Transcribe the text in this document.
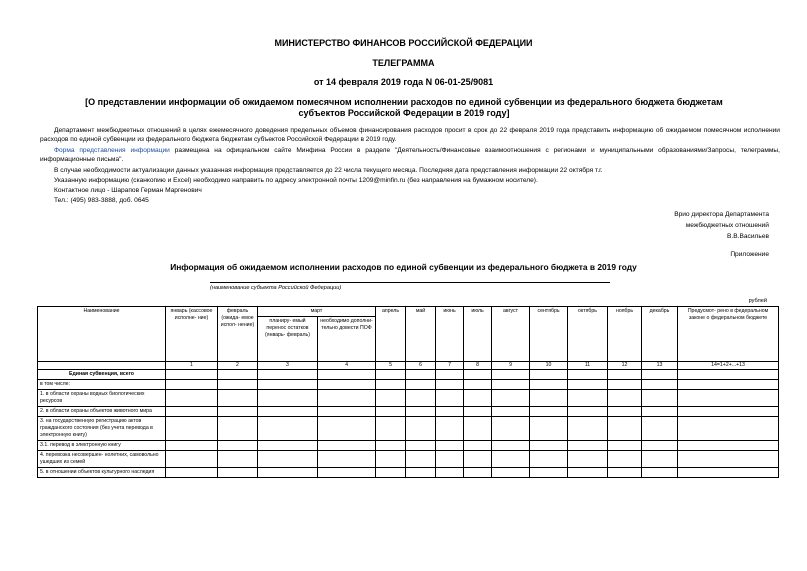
МИНИСТЕРСТВО ФИНАНСОВ РОССИЙСКОЙ ФЕДЕРАЦИИ
ТЕЛЕГРАММА
от 14 февраля 2019 года N 06-01-25/9081
[О представлении информации об ожидаемом помесячном исполнении расходов по единой субвенции из федерального бюджета бюджетам субъектов Российской Федерации в 2019 году]
Департамент межбюджетных отношений в целях ежемесячного доведения предельных объемов финансирования расходов просит в срок до 22 февраля 2019 года представить информацию об ожидаемом помесячном исполнении расходов по единой субвенции из федерального бюджета бюджетам субъектов Российской Федерации в 2019 году.
Форма представления информации размещена на официальном сайте Минфина России в разделе "Деятельность/Финансовые взаимоотношения с регионами и муниципальными образованиями/Запросы, телеграммы, информационные письма".
В случае необходимости актуализации данных указанная информация представляется до 22 числа текущего месяца. Последняя дата представления информации 22 октября т.г.
Указанную информацию (сканкопию и Excel) необходимо направить по адресу электронной почты 1209@minfin.ru (без направления на бумажном носителе).
Контактное лицо - Шарапов Герман Маргенович
Тел.: (495) 983-3888, доб. 0645
Врио директора Департамента
межбюджетных отношений
В.В.Васильев
Приложение
Информация об ожидаемом исполнении расходов по единой субвенции из федерального бюджета в 2019 году
(наименование субъекта Российской Федерации)
рублей
Наименование	январь (кассовое исполне- ние)	февраль (ожида- емое испол- нение)	март		апрель	май	июнь	июль	август	сентябрь	октябрь	ноябрь	декабрь	Предусмот- рено в федеральном законе о федеральном бюджете
			планиру- емый перенос остатков (январь- февраль)	необходимо дополни- тельно довести ПОФ										
	1	2	3	4	5	6	7	8	9	10	11	12	13	14=1+2+...+13
Единая субвенция, всего														
в том числе:														
1. в области охраны водных биологических ресурсов														
2. в области охраны объектов животного мира														
3. на государственную регистрацию актов гражданского состояния (без учета перевода в электронную книгу)														
3.1. перевод в электронную книгу														
4. перевозка несовершен- нолетних, самовольно ушедших из семей														
5. в отношении объектов культурного наследия														
